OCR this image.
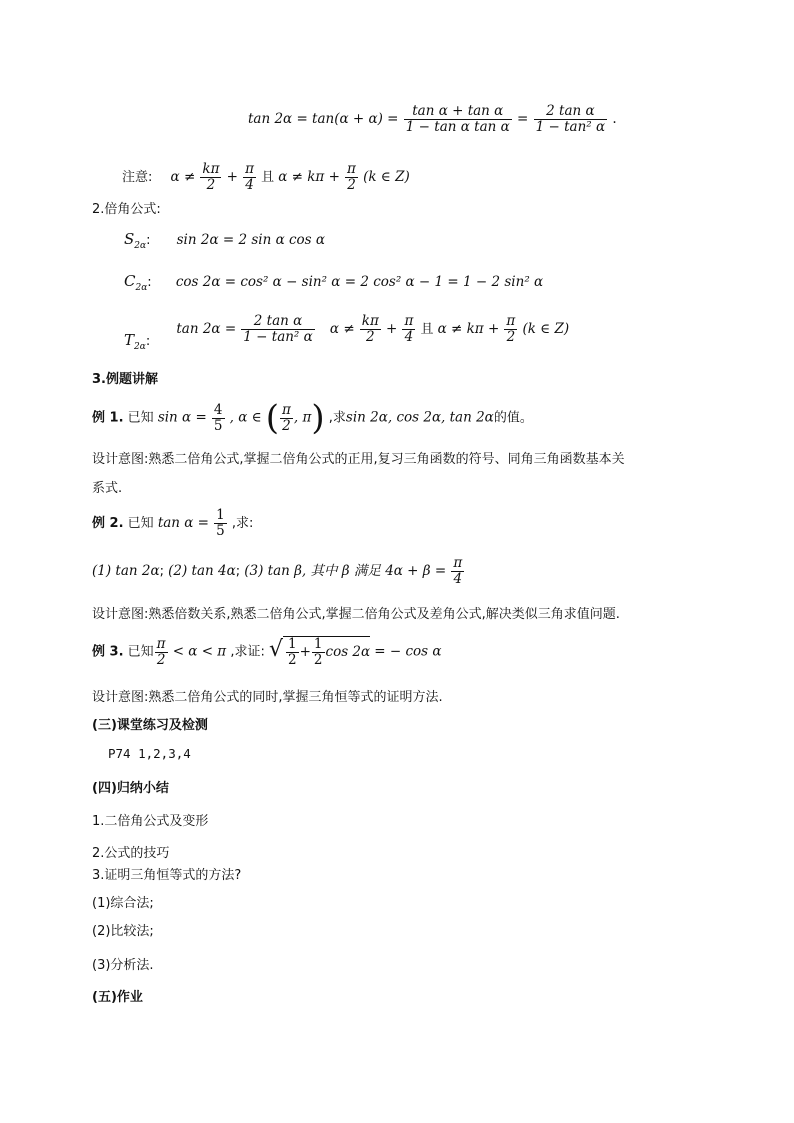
$\tan 2\alpha = \tan(\alpha + \alpha) = \frac{\text{tan α + tan α}}{\text{1 − tan α tan α}} = \frac{\text{2 tan α}}{\text{1 − tan² α}}$ .
注意: $\alpha \ne \frac{k\pi}{2} + \frac{\pi}{4}$ 且 $\alpha \ne k\pi + \frac{\pi}{2} (k$ ∈ Z)
2.倍角公式:
$S_{2\alpha}$: sin 2α = 2 sin α cos α
$C_{2\alpha}$: cos 2α = cos² α − sin² α = 2 cos² α − 1 = 1 − 2 sin² α
$T_{2\alpha}$: $\tan 2\alpha = \frac{\text{2 tan α}}{\text{1 − tan² α}}$ $\alpha \ne \frac{k\pi}{2} + \frac{\pi}{4}$ 且 $\alpha \ne k\pi + \frac{\pi}{2} (k$ ∈ Z)
3.例题讲解
例 1. 已知 $\sin \alpha = \frac{4}{5}$ , α ∈ ( $\frac{\pi}{2}$ , π) ,求sin 2α, cos 2α, tan 2α的值。
设计意图:熟悉二倍角公式,掌握二倍角公式的正用,复习三角函数的符号、同角三角函数基本关
系式.
例 2. 已知 $\tan \alpha = \frac{1}{5}$ ,求:
(1) tan 2α; (2) tan 4α; (3) tan β, 其中 β 满足 $4\alpha + \beta = \frac{\pi}{4}$
设计意图:熟悉倍数关系,熟悉二倍角公式,掌握二倍角公式及差角公式,解决类似三角求值问题.
例 3. 已知 $\frac{\pi}{2} < \alpha < \pi$ ,求证: √ $\frac{1}{2} + \frac{1}{2}$ cos 2α = − cos α
设计意图:熟悉二倍角公式的同时,掌握三角恒等式的证明方法.
(三)课堂练习及检测
P74 1,2,3,4
(四)归纳小结
1.二倍角公式及变形
2.公式的技巧
3.证明三角恒等式的方法?
(1)综合法;
(2)比较法;
(3)分析法.
(五)作业
